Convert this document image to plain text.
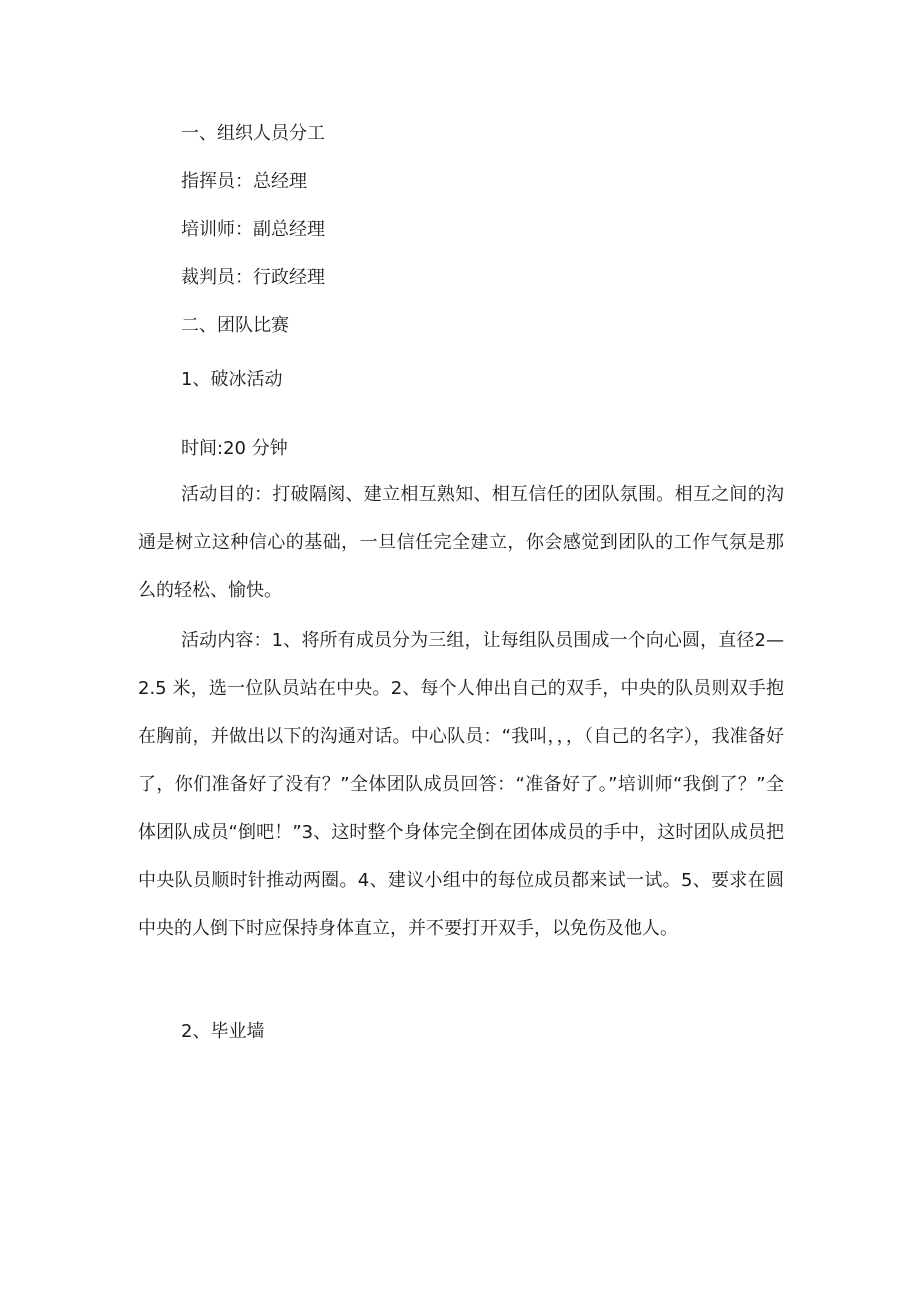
一、组织人员分工
指挥员：总经理
培训师：副总经理
裁判员：行政经理
二、团队比赛
1、破冰活动
时间:20 分钟

活动目的：打破隔阂、建立相互熟知、相互信任的团队氛围。相互之间的沟通是树立这种信心的基础，一旦信任完全建立，你会感觉到团队的工作气氛是那么的轻松、愉快。

活动内容：1、将所有成员分为三组，让每组队员围成一个向心圆，直径2—2.5 米，选一位队员站在中央。2、每个人伸出自己的双手，中央的队员则双手抱在胸前，并做出以下的沟通对话。中心队员：“我叫，，，（自己的名字），我准备好了，你们准备好了没有？”全体团队成员回答：“准备好了。”培训师“我倒了？”全体团队成员“倒吧！”3、这时整个身体完全倒在团体成员的手中，这时团队成员把中央队员顺时针推动两圈。4、建议小组中的每位成员都来试一试。5、要求在圆中央的人倒下时应保持身体直立，并不要打开双手，以免伤及他人。

2、毕业墙
